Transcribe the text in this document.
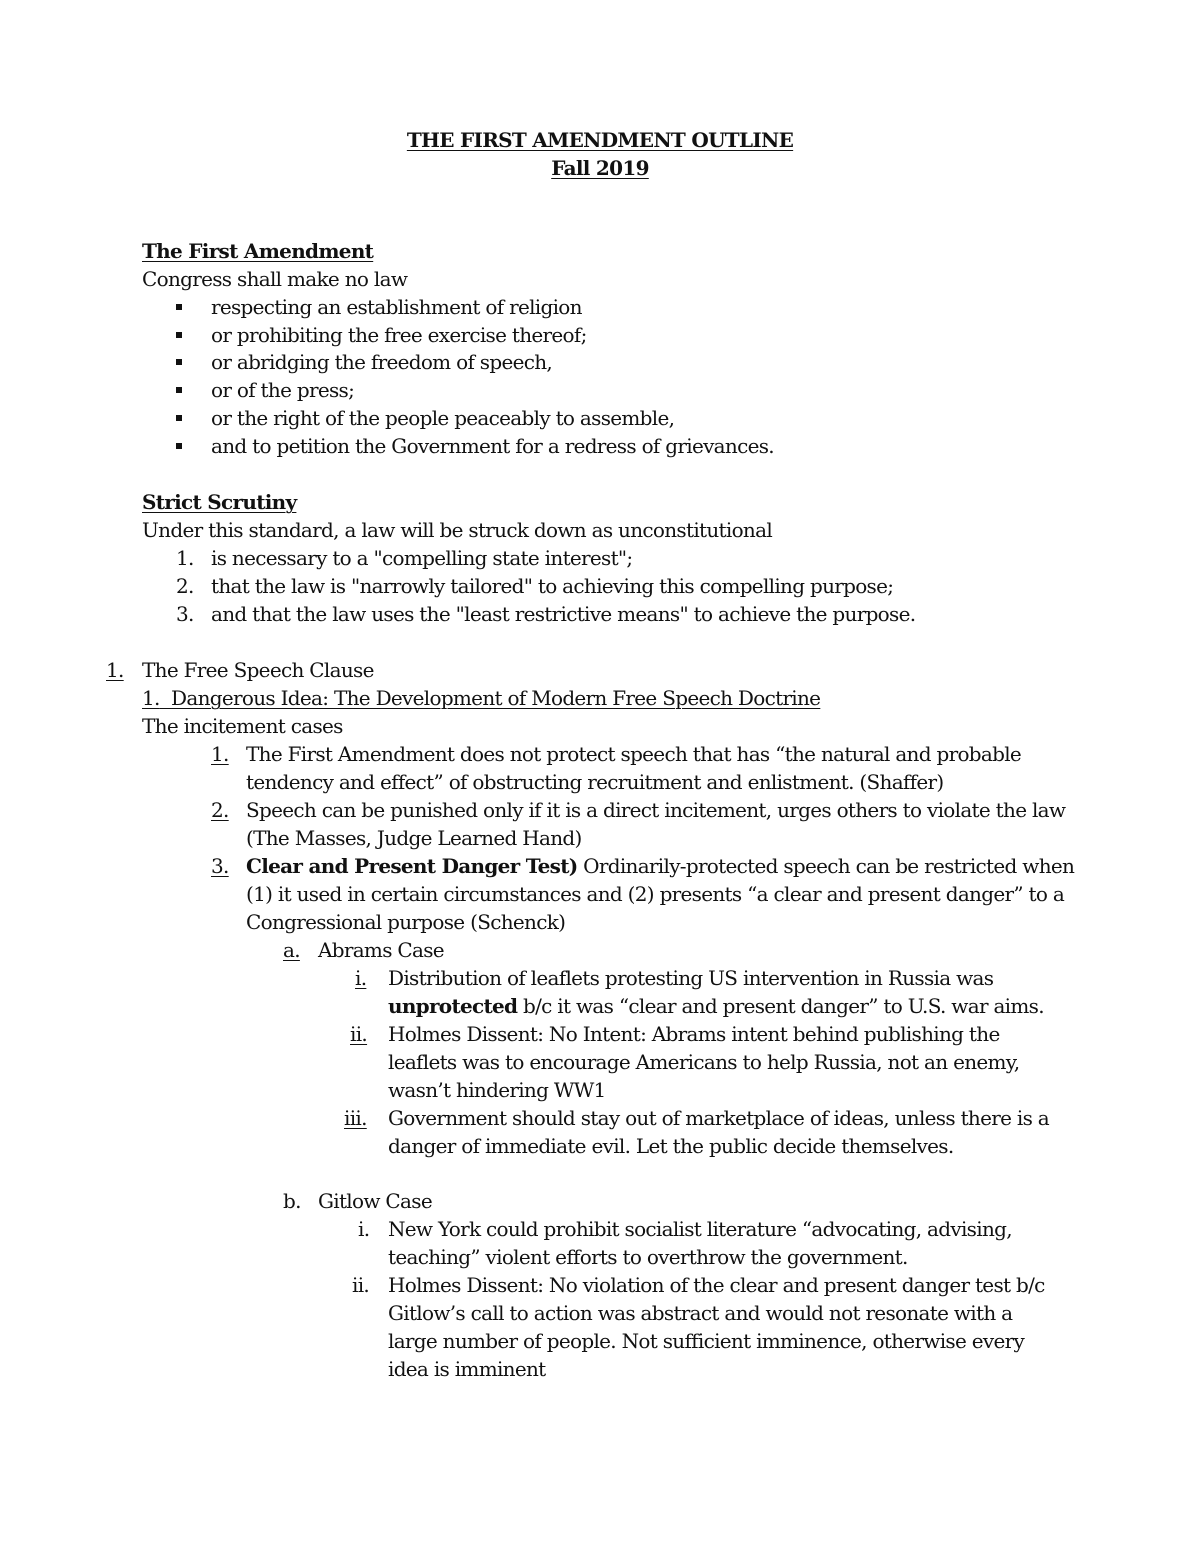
THE FIRST AMENDMENT OUTLINE
Fall 2019
The First Amendment
Congress shall make no law
respecting an establishment of religion
or prohibiting the free exercise thereof;
or abridging the freedom of speech,
or of the press;
or the right of the people peaceably to assemble,
and to petition the Government for a redress of grievances.
Strict Scrutiny
Under this standard, a law will be struck down as unconstitutional
1. is necessary to a "compelling state interest";
2. that the law is "narrowly tailored" to achieving this compelling purpose;
3. and that the law uses the "least restrictive means" to achieve the purpose.
1. The Free Speech Clause
1. Dangerous Idea: The Development of Modern Free Speech Doctrine
The incitement cases
1. The First Amendment does not protect speech that has “the natural and probable
tendency and effect” of obstructing recruitment and enlistment. (Shaffer)
2. Speech can be punished only if it is a direct incitement, urges others to violate the law
(The Masses, Judge Learned Hand)
3. Clear and Present Danger Test) Ordinarily-protected speech can be restricted when
(1) it used in certain circumstances and (2) presents “a clear and present danger” to a
Congressional purpose (Schenck)
a. Abrams Case
i.	Distribution of leaflets protesting US intervention in Russia was
unprotected b/c it was “clear and present danger” to U.S. war aims.
ii.	Holmes Dissent: No Intent: Abrams intent behind publishing the
leaflets was to encourage Americans to help Russia, not an enemy,
wasn’t hindering WW1
iii.	Government should stay out of marketplace of ideas, unless there is a
danger of immediate evil. Let the public decide themselves.
b. Gitlow Case
i. New York could prohibit socialist literature “advocating, advising,
teaching” violent efforts to overthrow the government.
ii. Holmes Dissent: No violation of the clear and present danger test b/c
Gitlow’s call to action was abstract and would not resonate with a
large number of people. Not sufficient imminence, otherwise every
idea is imminent
